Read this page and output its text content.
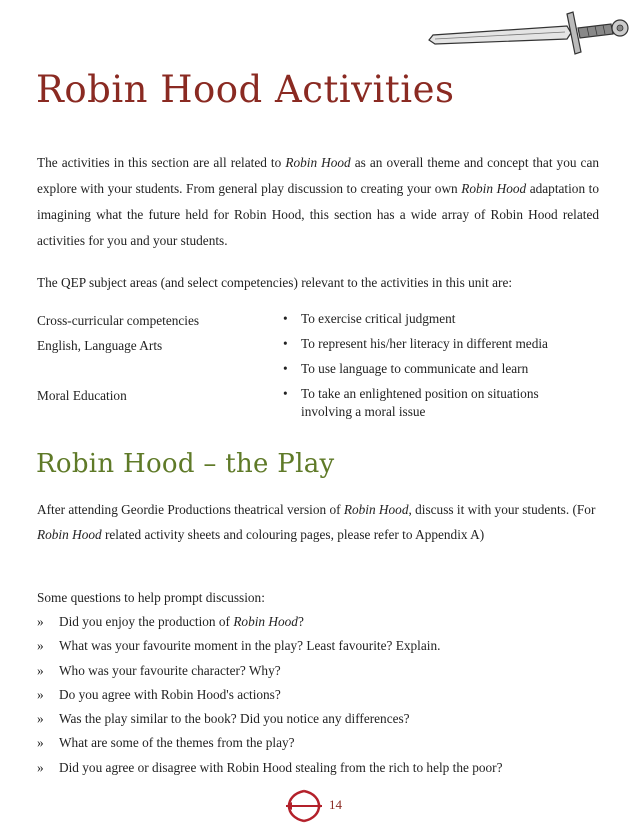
Robin Hood Activities

The activities in this section are all related to Robin Hood as an overall theme and concept that you can explore with your students. From general play discussion to creating your own Robin Hood adaptation to imagining what the future held for Robin Hood, this section has a wide array of Robin Hood related activities for you and your students.

The QEP subject areas (and select competencies) relevant to the activities in this unit are:

Cross-curricular competencies
English, Language Arts
Moral Education
• To exercise critical judgment
• To represent his/her literacy in different media
• To use language to communicate and learn
• To take an enlightened position on situations
involving a moral issue
Robin Hood – the Play

After attending Geordie Productions theatrical version of Robin Hood, discuss it with your students. (For Robin Hood related activity sheets and colouring pages, please refer to Appendix A)

Some questions to help prompt discussion:

» Did you enjoy the production of Robin Hood?
» What was your favourite moment in the play? Least favourite? Explain.
» Who was your favourite character? Why?
» Do you agree with Robin Hood's actions?
» Was the play similar to the book? Did you notice any differences?
» What are some of the themes from the play?
» Did you agree or disagree with Robin Hood stealing from the rich to help the poor?
14
